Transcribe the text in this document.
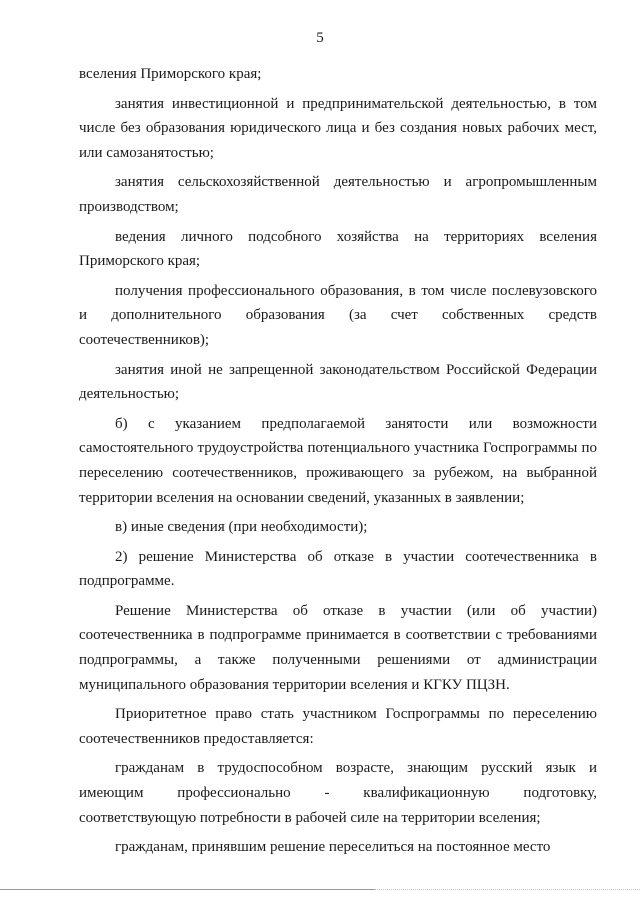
5

вселения Приморского края;

занятия инвестиционной и предпринимательской деятельностью, в том числе без образования юридического лица и без создания новых рабочих мест, или самозанятостью;

занятия сельскохозяйственной деятельностью и агропромышленным производством;

ведения личного подсобного хозяйства на территориях вселения Приморского края;

получения профессионального образования, в том числе послевузовского и дополнительного образования (за счет собственных средств соотечественников);

занятия иной не запрещенной законодательством Российской Федерации деятельностью;

б) с указанием предполагаемой занятости или возможности самостоятельного трудоустройства потенциального участника Госпрограммы по переселению соотечественников, проживающего за рубежом, на выбранной территории вселения на основании сведений, указанных в заявлении;

в) иные сведения (при необходимости);

2) решение Министерства об отказе в участии соотечественника в подпрограмме.

Решение Министерства об отказе в участии (или об участии) соотечественника в подпрограмме принимается в соответствии с требованиями подпрограммы, а также полученными решениями от администрации муниципального образования территории вселения и КГКУ ПЦЗН.

Приоритетное право стать участником Госпрограммы по переселению соотечественников предоставляется:

гражданам в трудоспособном возрасте, знающим русский язык и имеющим профессионально - квалификационную подготовку, соответствующую потребности в рабочей силе на территории вселения;

гражданам, принявшим решение переселиться на постоянное место
